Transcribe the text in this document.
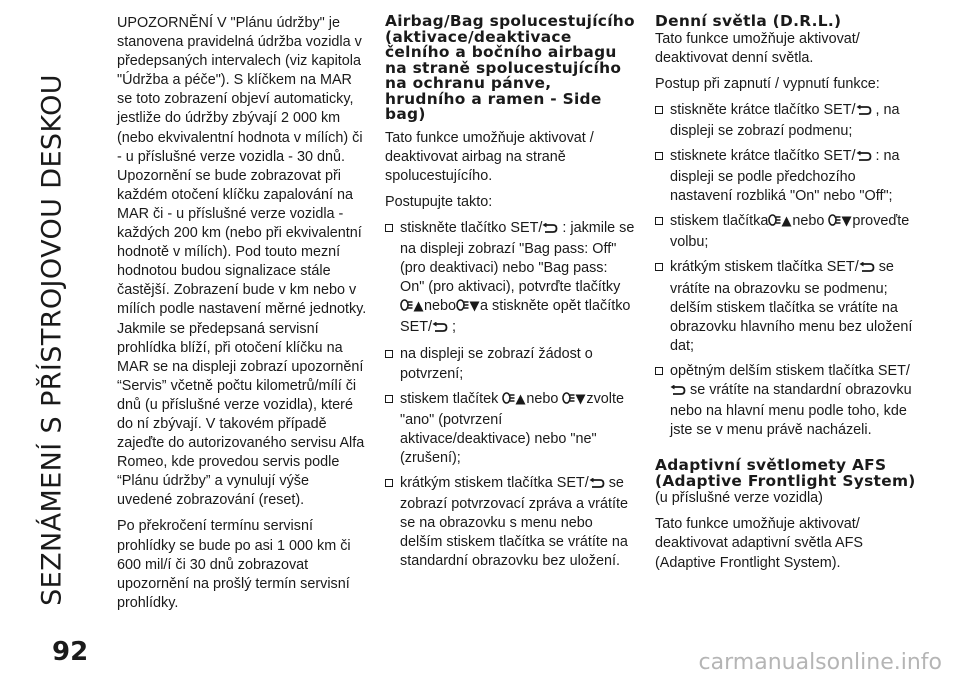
SEZNÁMENÍ S PŘÍSTROJOVOU DESKOU
92	carmanualsonline.info

UPOZORNĚNÍ V "Plánu údržby" je stanovena pravidelná údržba vozidla v předepsaných intervalech (viz kapitola "Údržba a péče"). S klíčkem na MAR se toto zobrazení objeví automaticky, jestliže do údržby zbývají 2 000 km (nebo ekvivalentní hodnota v mílích) či - u příslušné verze vozidla - 30 dnů. Upozornění se bude zobrazovat při každém otočení klíčku zapalování na MAR či - u příslušné verze vozidla - každých 200 km (nebo při ekvivalentní hodnotě v mílích). Pod touto mezní hodnotou budou signalizace stále častější. Zobrazení bude v km nebo v mílích podle nastavení měrné jednotky. Jakmile se předepsaná servisní prohlídka blíží, při otočení klíčku na MAR se na displeji zobrazí upozornění “Servis” včetně počtu kilometrů/mílí či dnů (u příslušné verze vozidla), které do ní zbývají. V takovém případě zajeďte do autorizovaného servisu Alfa Romeo, kde provedou servis podle “Plánu údržby” a vynulují výše uvedené zobrazování (reset).

Po překročení termínu servisní prohlídky se bude po asi 1 000 km či 600 mil/í či 30 dnů zobrazovat upozornění na prošlý termín servisní prohlídky.

Airbag/Bag spolucestujícího (aktivace/deaktivace čelního a bočního airbagu na straně spolucestujícího na ochranu pánve, hrudního a ramen - Side bag)

Tato funkce umožňuje aktivovat / deaktivovat airbag na straně spolucestujícího.

Postupujte takto:

stiskněte tlačítko SET/ : jakmile se na displeji zobrazí "Bag pass: Off" (pro deaktivaci) nebo "Bag pass: On" (pro aktivaci), potvrďte tlačítky nebo a stiskněte opět tlačítko SET/ ;
na displeji se zobrazí žádost o potvrzení;
stiskem tlačítek nebo zvolte "ano" (potvrzení aktivace/deaktivace) nebo "ne" (zrušení);
krátkým stiskem tlačítka SET/ se zobrazí potvrzovací zpráva a vrátíte se na obrazovku s menu nebo delším stiskem tlačítka se vrátíte na standardní obrazovku bez uložení.
Denní světla (D.R.L.)

Tato funkce umožňuje aktivovat/ deaktivovat denní světla.

Postup při zapnutí / vypnutí funkce:

stiskněte krátce tlačítko SET/ , na displeji se zobrazí podmenu;
stisknete krátce tlačítko SET/ : na displeji se podle předchozího nastavení rozbliká "On" nebo "Off";
stiskem tlačítka nebo proveďte volbu;
krátkým stiskem tlačítka SET/ se vrátíte na obrazovku se podmenu; delším stiskem tlačítka se vrátíte na obrazovku hlavního menu bez uložení dat;
opětným delším stiskem tlačítka SET/ se vrátíte na standardní obrazovku nebo na hlavní menu podle toho, kde jste se v menu právě nacházeli.
Adaptivní světlomety AFS (Adaptive Frontlight System)

(u příslušné verze vozidla)

Tato funkce umožňuje aktivovat/ deaktivovat adaptivní světla AFS (Adaptive Frontlight System).
